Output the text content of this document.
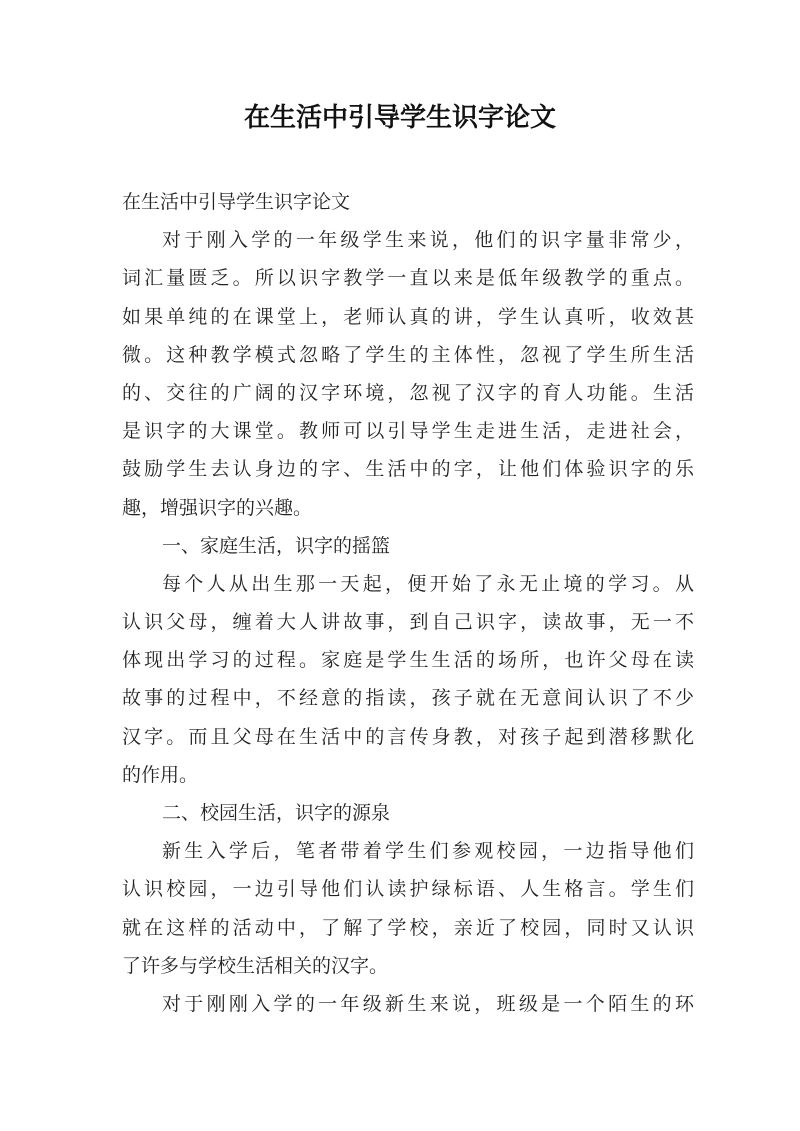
在生活中引导学生识字论文
在生活中引导学生识字论文
对于刚入学的一年级学生来说，他们的识字量非常少，
词汇量匮乏。所以识字教学一直以来是低年级教学的重点。
如果单纯的在课堂上，老师认真的讲，学生认真听，收效甚
微。这种教学模式忽略了学生的主体性，忽视了学生所生活
的、交往的广阔的汉字环境，忽视了汉字的育人功能。生活
是识字的大课堂。教师可以引导学生走进生活，走进社会，
鼓励学生去认身边的字、生活中的字，让他们体验识字的乐
趣，增强识字的兴趣。
一、家庭生活，识字的摇篮
每个人从出生那一天起，便开始了永无止境的学习。从
认识父母，缠着大人讲故事，到自己识字，读故事，无一不
体现出学习的过程。家庭是学生生活的场所，也许父母在读
故事的过程中，不经意的指读，孩子就在无意间认识了不少
汉字。而且父母在生活中的言传身教，对孩子起到潜移默化
的作用。
二、校园生活，识字的源泉
新生入学后，笔者带着学生们参观校园，一边指导他们
认识校园，一边引导他们认读护绿标语、人生格言。学生们
就在这样的活动中，了解了学校，亲近了校园，同时又认识
了许多与学校生活相关的汉字。
对于刚刚入学的一年级新生来说，班级是一个陌生的环
